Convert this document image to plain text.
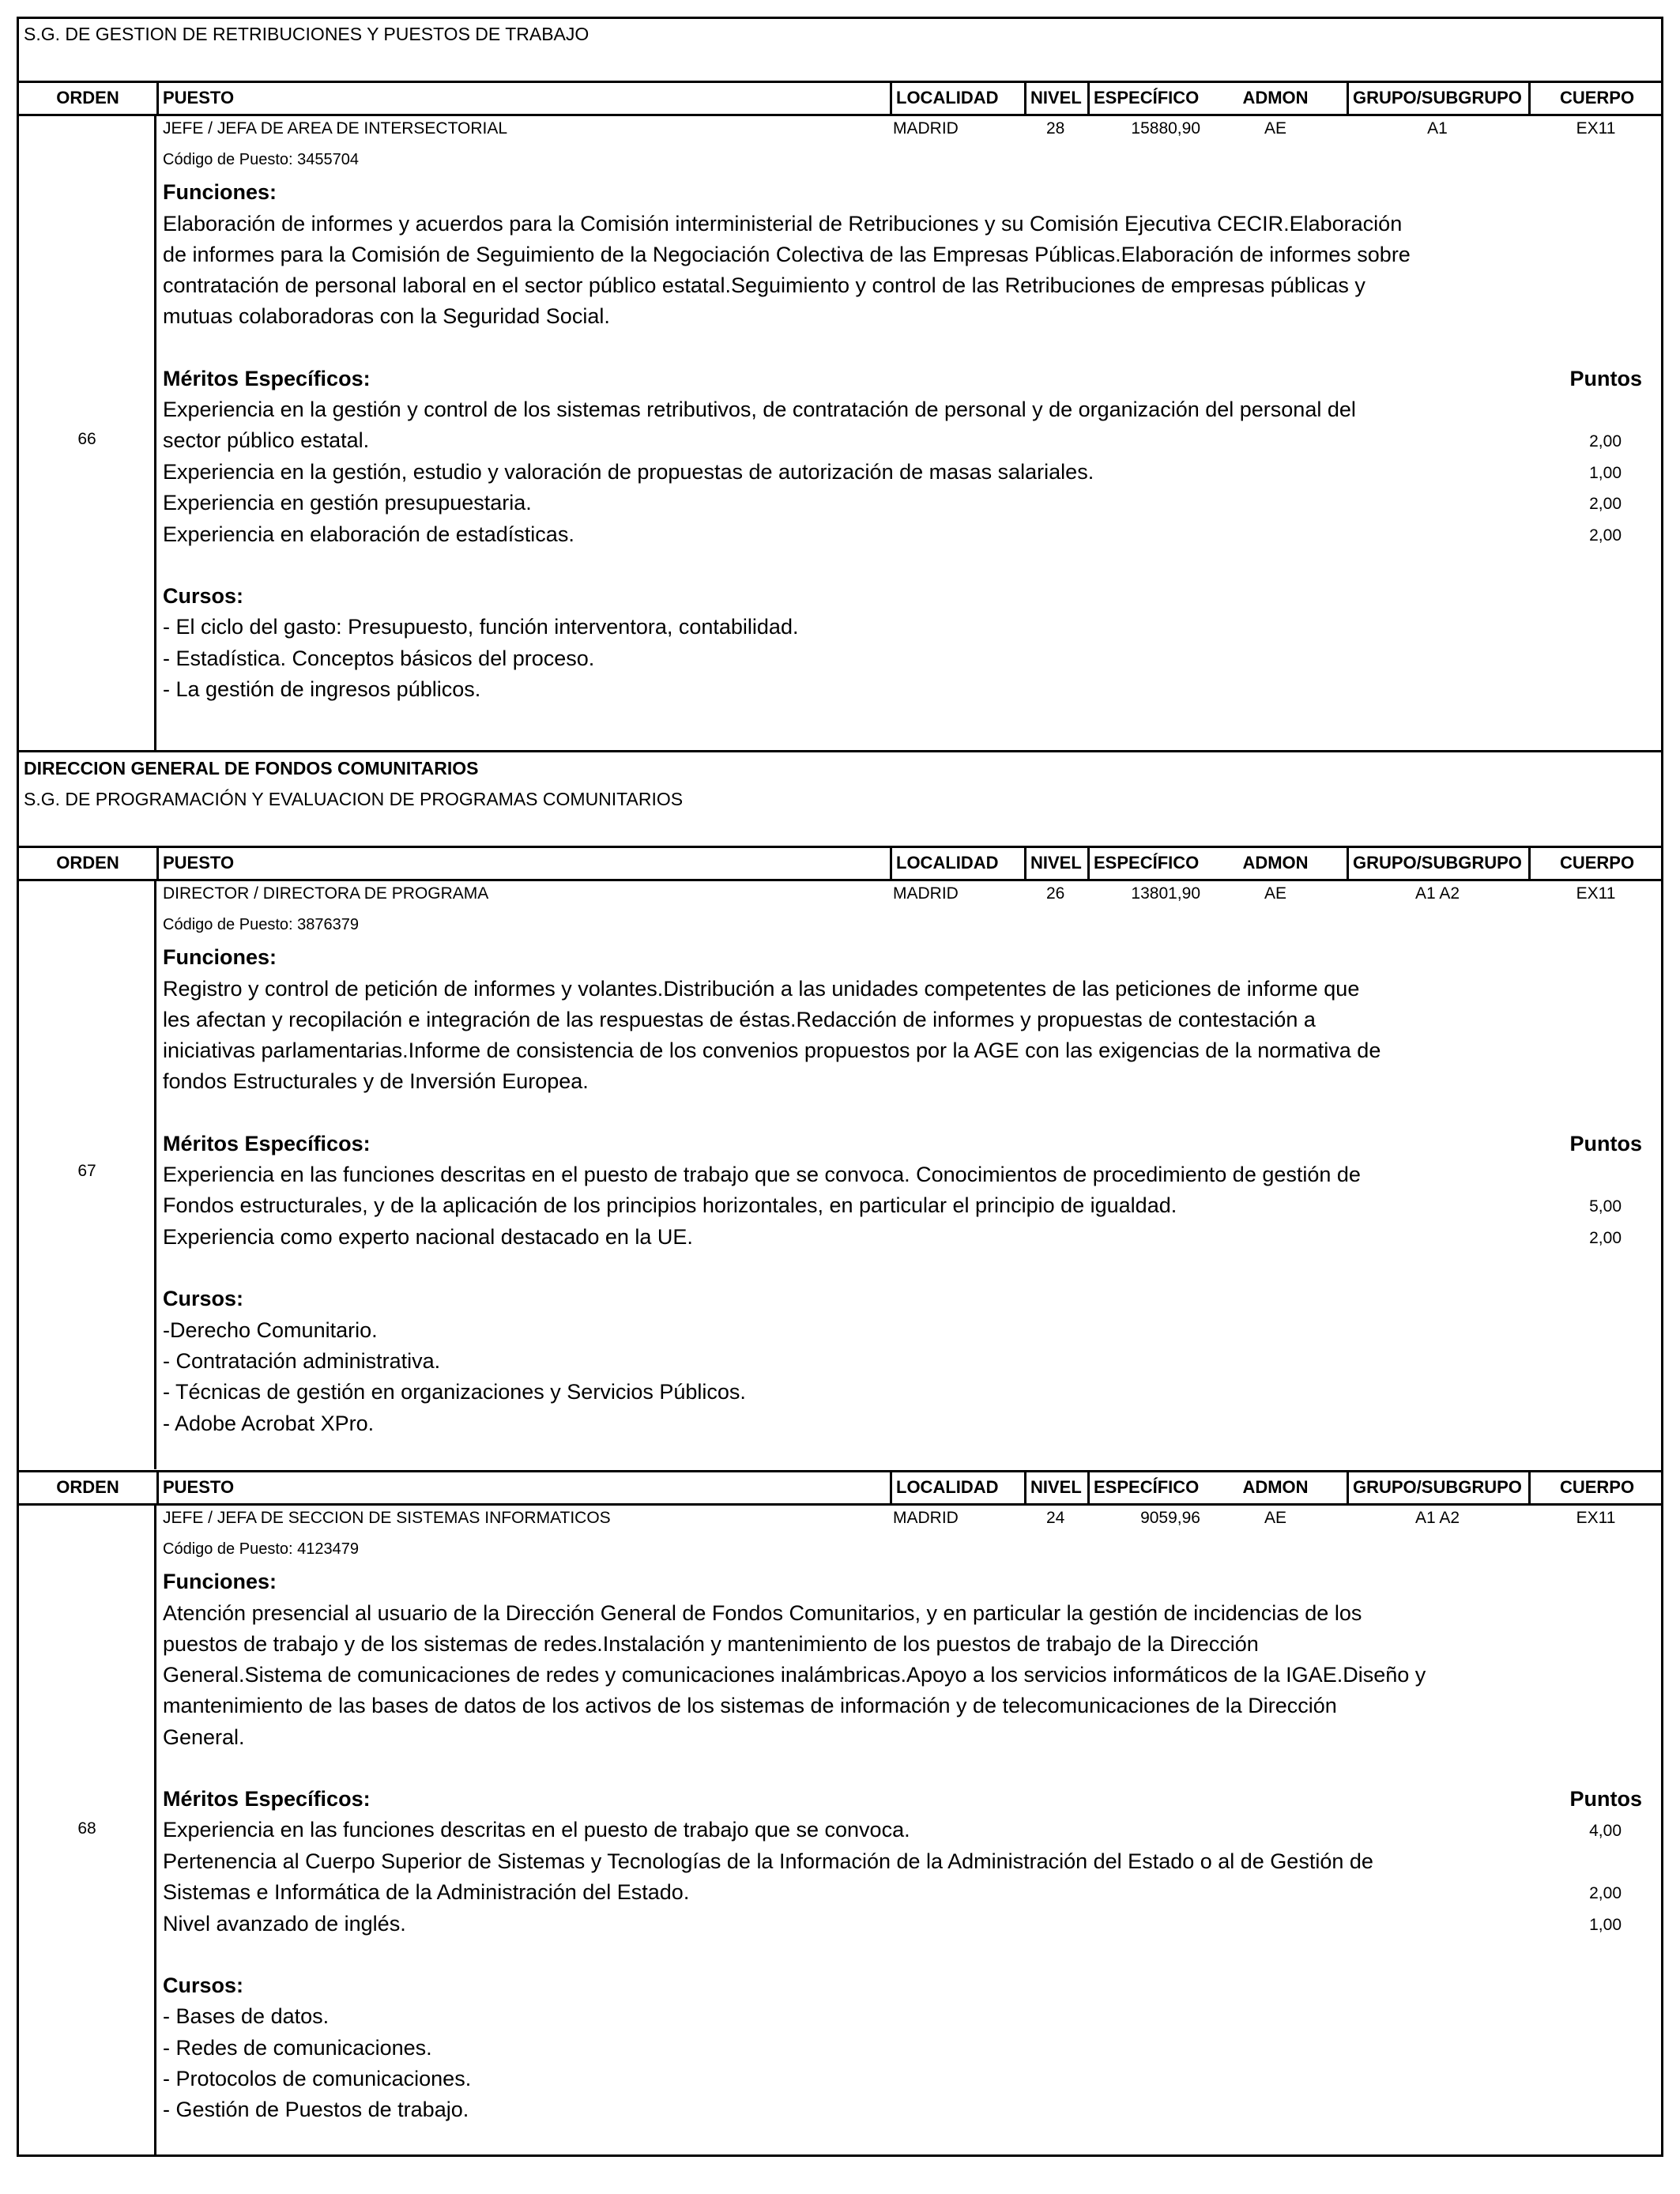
S.G. DE GESTION DE RETRIBUCIONES Y PUESTOS DE TRABAJO
ORDEN	PUESTO	LOCALIDAD	NIVEL ESPECÍFICO	ADMON	GRUPO/SUBGRUPO	CUERPO
66
JEFE / JEFA DE AREA DE INTERSECTORIAL	MADRID	28	15880,90	AE	A1	EX11
Código de Puesto: 3455704
Funciones:
Elaboración de informes y acuerdos para la Comisión interministerial de Retribuciones y su Comisión Ejecutiva CECIR.Elaboración
de informes para la Comisión de Seguimiento de la Negociación Colectiva de las Empresas Públicas.Elaboración de informes sobre
contratación de personal laboral en el sector público estatal.Seguimiento y control de las Retribuciones de empresas públicas y
mutuas colaboradoras con la Seguridad Social.
Méritos Específicos:	Puntos
Experiencia en la gestión y control de los sistemas retributivos, de contratación de personal y de organización del personal del
sector público estatal.	2,00
Experiencia en la gestión, estudio y valoración de propuestas de autorización de masas salariales.	1,00
Experiencia en gestión presupuestaria.	2,00
Experiencia en elaboración de estadísticas.	2,00
Cursos:
- El ciclo del gasto: Presupuesto, función interventora, contabilidad.
- Estadística. Conceptos básicos del proceso.
- La gestión de ingresos públicos.
DIRECCION GENERAL DE FONDOS COMUNITARIOS
S.G. DE PROGRAMACIÓN Y EVALUACION DE PROGRAMAS COMUNITARIOS
ORDEN	PUESTO	LOCALIDAD	NIVEL ESPECÍFICO	ADMON	GRUPO/SUBGRUPO	CUERPO
67
DIRECTOR / DIRECTORA DE PROGRAMA	MADRID	26	13801,90	AE	A1 A2	EX11
Código de Puesto: 3876379
Funciones:
Registro y control de petición de informes y volantes.Distribución a las unidades competentes de las peticiones de informe que
les afectan y recopilación e integración de las respuestas de éstas.Redacción de informes y propuestas de contestación a
iniciativas parlamentarias.Informe de consistencia de los convenios propuestos por la AGE con las exigencias de la normativa de
fondos Estructurales y de Inversión Europea.
Méritos Específicos:	Puntos
Experiencia en las funciones descritas en el puesto de trabajo que se convoca. Conocimientos de procedimiento de gestión de
Fondos estructurales, y de la aplicación de los principios horizontales, en particular el principio de igualdad.	5,00
Experiencia como experto nacional destacado en la UE.	2,00
Cursos:
-Derecho Comunitario.
- Contratación administrativa.
- Técnicas de gestión en organizaciones y Servicios Públicos.
- Adobe Acrobat XPro.
ORDEN	PUESTO	LOCALIDAD	NIVEL ESPECÍFICO	ADMON	GRUPO/SUBGRUPO	CUERPO
68
JEFE / JEFA DE SECCION DE SISTEMAS INFORMATICOS	MADRID	24	9059,96	AE	A1 A2	EX11
Código de Puesto: 4123479
Funciones:
Atención presencial al usuario de la Dirección General de Fondos Comunitarios, y en particular la gestión de incidencias de los
puestos de trabajo y de los sistemas de redes.Instalación y mantenimiento de los puestos de trabajo de la Dirección
General.Sistema de comunicaciones de redes y comunicaciones inalámbricas.Apoyo a los servicios informáticos de la IGAE.Diseño y
mantenimiento de las bases de datos de los activos de los sistemas de información y de telecomunicaciones de la Dirección
General.
Méritos Específicos:	Puntos
Experiencia en las funciones descritas en el puesto de trabajo que se convoca.	4,00
Pertenencia al Cuerpo Superior de Sistemas y Tecnologías de la Información de la Administración del Estado o al de Gestión de
Sistemas e Informática de la Administración del Estado.	2,00
Nivel avanzado de inglés.	1,00
Cursos:
- Bases de datos.
- Redes de comunicaciones.
- Protocolos de comunicaciones.
- Gestión de Puestos de trabajo.
